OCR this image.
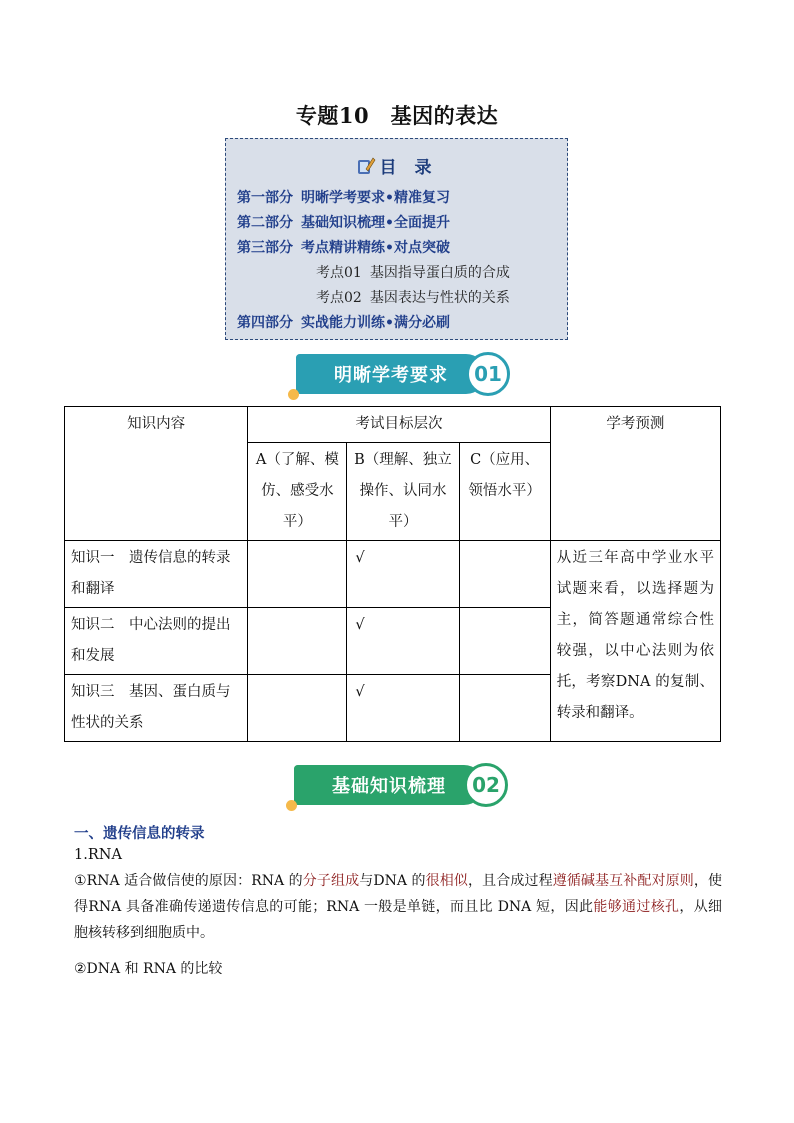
专题10　基因的表达
目 录
第一部分 明晰学考要求•精准复习
第二部分 基础知识梳理•全面提升
第三部分 考点精讲精练•对点突破
考点01 基因指导蛋白质的合成
考点02 基因表达与性状的关系
第四部分 实战能力训练•满分必刷
明晰学考要求	01
知识内容	考试目标层次			学考预测
	A（了解、模仿、感受水平）	B（理解、独立操作、认同水平）	C（应用、领悟水平）	
知识一　遗传信息的转录和翻译		√		从近三年高中学业水平试题来看，以选择题为主，简答题通常综合性较强，以中心法则为依托，考察DNA 的复制、转录和翻译。
知识二　中心法则的提出和发展		√		
知识三　基因、蛋白质与性状的关系		√		
基础知识梳理	02
一、遗传信息的转录
1.RNA
①RNA 适合做信使的原因：RNA 的分子组成与DNA 的很相似，且合成过程遵循碱基互补配对原则，使得RNA 具备准确传递遗传信息的可能；RNA 一般是单链，而且比 DNA 短，因此能够通过核孔，从细胞核转移到细胞质中。
②DNA 和 RNA 的比较
